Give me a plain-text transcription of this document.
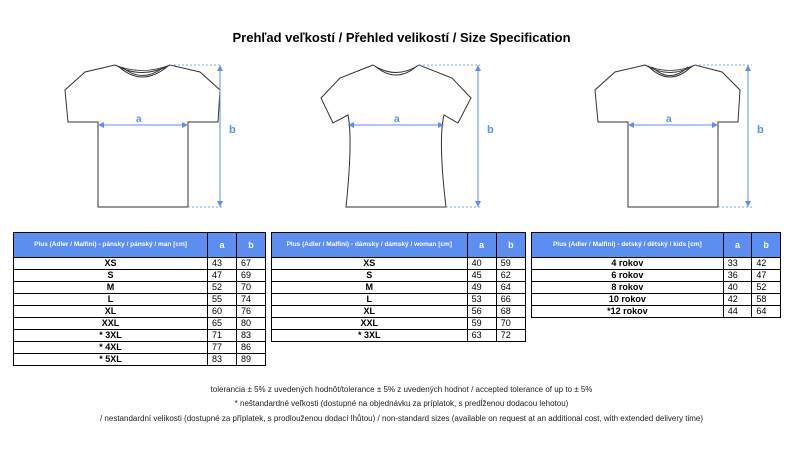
Prehľad veľkostí / Přehled velikostí / Size Specification
a
b
a
b
a
b
Plus (Adler / Malfini) - pánsky / pánský / man [cm]	a	b
XS	43	67
S	47	69
M	52	70
L	55	74
XL	60	76
XXL	65	80
* 3XL	71	83
* 4XL	77	86
* 5XL	83	89
Plus (Adler / Malfini) - dámsky / dámský / woman [cm]	a	b
XS	40	59
S	45	62
M	49	64
L	53	66
XL	56	68
XXL	59	70
* 3XL	63	72
Plus (Adler / Malfini) - detský / dětský / kids [cm]	a	b
4 rokov	33	42
6 rokov	36	47
8 rokov	40	52
10 rokov	42	58
*12 rokov	44	64
tolerancia ± 5% z uvedených hodnôt/tolerance ± 5% z uvedených hodnot / accepted tolerance of up to ± 5%
* neštandardné veľkosti (dostupné na objednávku za príplatok, s predĺženou dodacou lehotou)
/ nestandardní velikosti (dostupné za příplatek, s prodlouženou dodací lhůtou) / non-standard sizes (available on request at an additional cost, with extended delivery time)
